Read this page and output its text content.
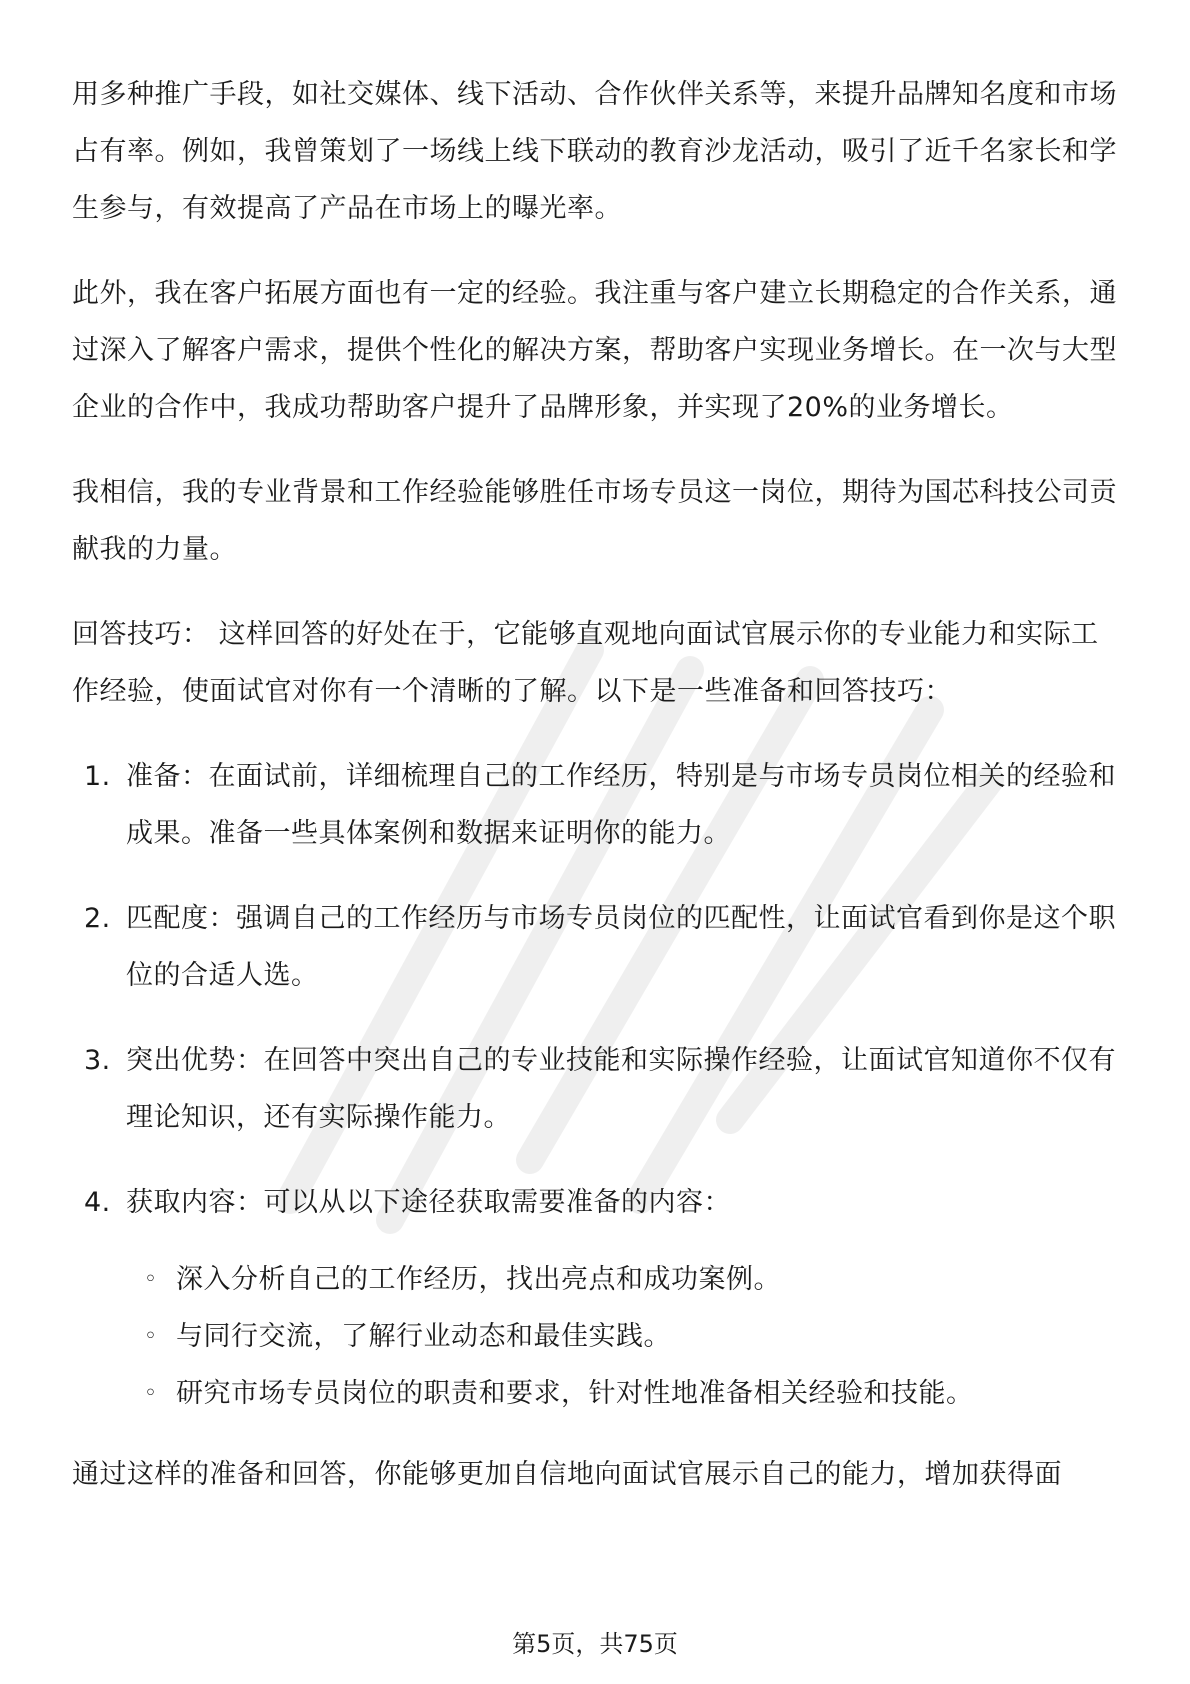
用多种推广手段，如社交媒体、线下活动、合作伙伴关系等，来提升品牌知名度和市场占有率。例如，我曾策划了一场线上线下联动的教育沙龙活动，吸引了近千名家长和学生参与，有效提高了产品在市场上的曝光率。

此外，我在客户拓展方面也有一定的经验。我注重与客户建立长期稳定的合作关系，通过深入了解客户需求，提供个性化的解决方案，帮助客户实现业务增长。在一次与大型企业的合作中，我成功帮助客户提升了品牌形象，并实现了20%的业务增长。

我相信，我的专业背景和工作经验能够胜任市场专员这一岗位，期待为国芯科技公司贡献我的力量。

回答技巧： 这样回答的好处在于，它能够直观地向面试官展示你的专业能力和实际工作经验，使面试官对你有一个清晰的了解。以下是一些准备和回答技巧：

1. 准备：在面试前，详细梳理自己的工作经历，特别是与市场专员岗位相关的经验和成果。准备一些具体案例和数据来证明你的能力。
2. 匹配度：强调自己的工作经历与市场专员岗位的匹配性，让面试官看到你是这个职位的合适人选。
3. 突出优势：在回答中突出自己的专业技能和实际操作经验，让面试官知道你不仅有理论知识，还有实际操作能力。
4. 获取内容：可以从以下途径获取需要准备的内容：
◦ 深入分析自己的工作经历，找出亮点和成功案例。
◦ 与同行交流，了解行业动态和最佳实践。
◦ 研究市场专员岗位的职责和要求，针对性地准备相关经验和技能。

通过这样的准备和回答，你能够更加自信地向面试官展示自己的能力，增加获得面

第5页，共75页
